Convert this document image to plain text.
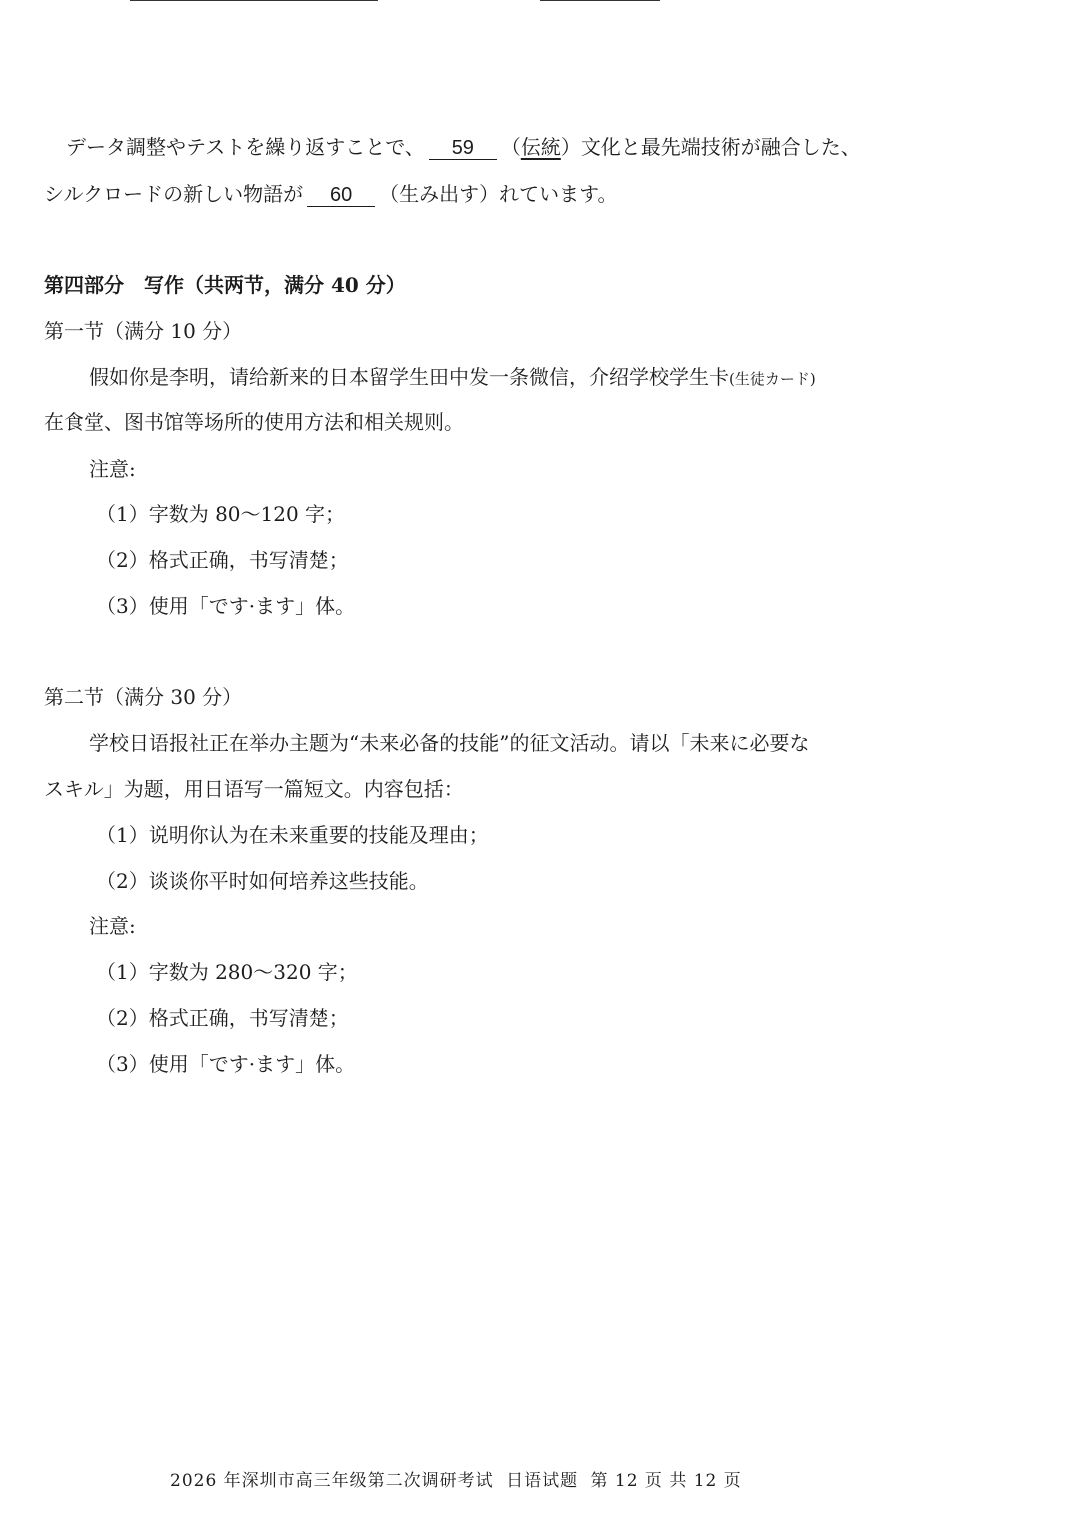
データ調整やテストを繰り返すことで、 59 （伝統）文化と最先端技術が融合した、
シルクロードの新しい物語が 60 （生み出す）れています。
第四部分　写作（共两节，满分 40 分）
第一节（满分 10 分）
假如你是李明，请给新来的日本留学生田中发一条微信，介绍学校学生卡(生徒カード)
在食堂、图书馆等场所的使用方法和相关规则。
注意:
（1）字数为 80～120 字；
（2）格式正确，书写清楚；
（3）使用「です·ます」体。
第二节（满分 30 分）
学校日语报社正在举办主题为“未来必备的技能”的征文活动。请以「未来に必要な
スキル」为题，用日语写一篇短文。内容包括：
（1）说明你认为在未来重要的技能及理由；
（2）谈谈你平时如何培养这些技能。
注意:
（1）字数为 280～320 字；
（2）格式正确，书写清楚；
（3）使用「です·ます」体。
2026 年深圳市高三年级第二次调研考试 日语试题 第 12 页 共 12 页
